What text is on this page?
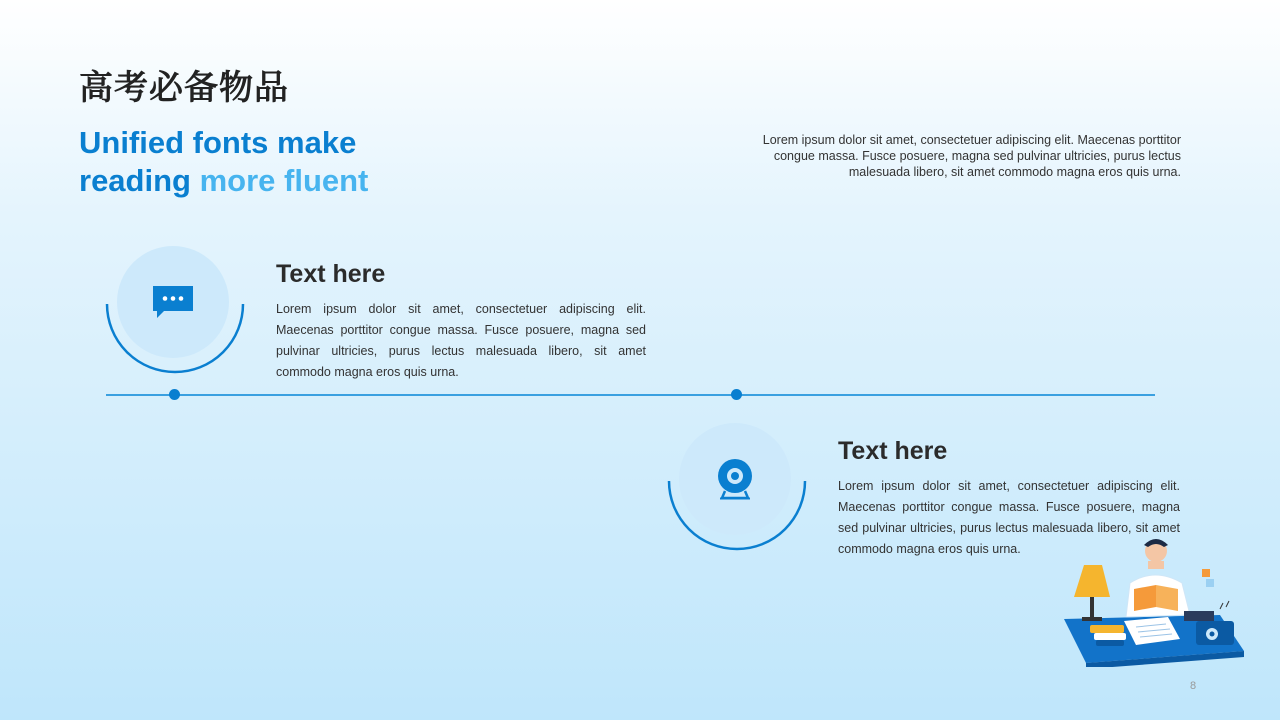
高考必备物品
Unified fonts make
reading more fluent
Lorem ipsum dolor sit amet, consectetuer adipiscing elit. Maecenas porttitor congue massa. Fusce posuere, magna sed pulvinar ultricies, purus lectus malesuada libero, sit amet commodo magna eros quis urna.
Text here
Lorem ipsum dolor sit amet, consectetuer adipiscing elit. Maecenas porttitor congue massa. Fusce posuere, magna sed pulvinar ultricies, purus lectus malesuada libero, sit amet commodo magna eros quis urna.
Text here
Lorem ipsum dolor sit amet, consectetuer adipiscing elit. Maecenas porttitor congue massa. Fusce posuere, magna sed pulvinar ultricies, purus lectus malesuada libero, sit amet commodo magna eros quis urna.
8
